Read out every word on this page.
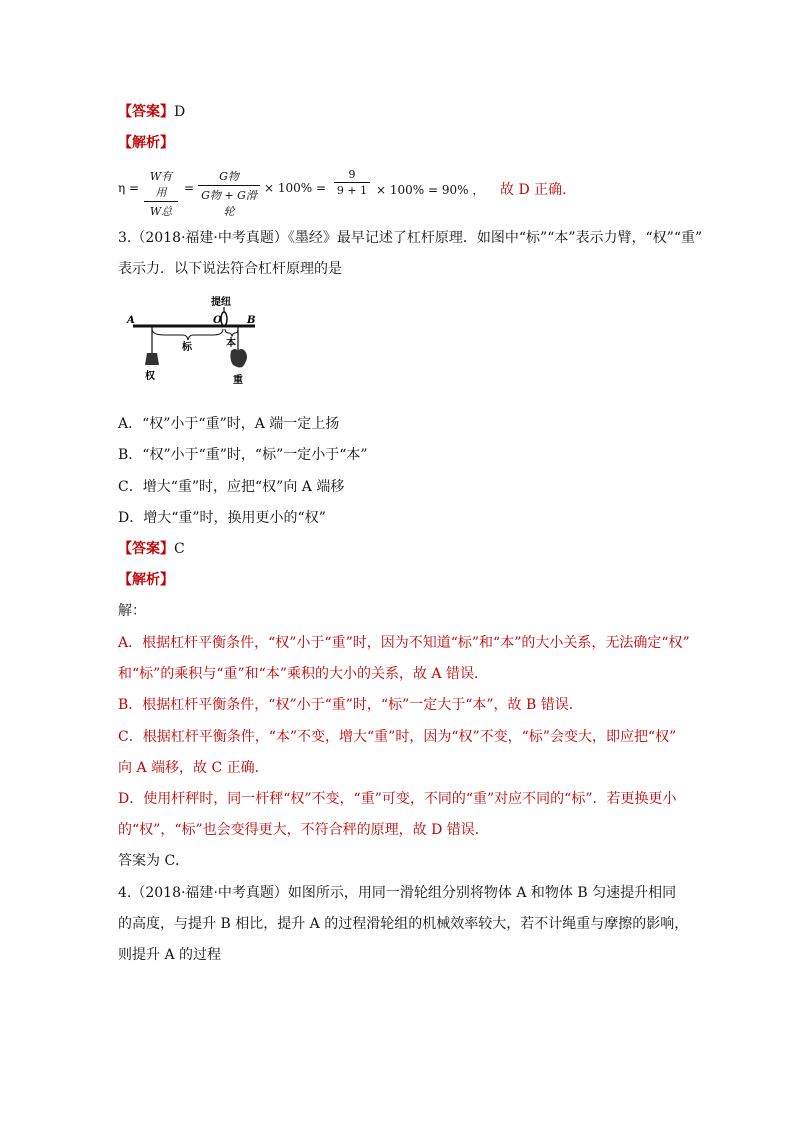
【答案】D
【解析】
η =
W有用
W总
=
G物
G物 + G滑轮
× 100% =
9
9 + 1 × 100% = 90% ， 故 D 正确.
3.（2018·福建·中考真题）《墨经》最早记述了杠杆原理．如图中“标”“本”表示力臂，“权”“重”
表示力．以下说法符合杠杆原理的是
提纽
A	O	B
标	本
权	重
A．“权”小于“重”时，A 端一定上扬
B．“权”小于“重”时，“标”一定小于“本”
C．增大“重”时，应把“权”向 A 端移
D．增大“重”时，换用更小的“权”
【答案】C
【解析】
解：
A．根据杠杆平衡条件，“权”小于“重”时，因为不知道“标”和“本”的大小关系，无法确定“权”
和“标”的乘积与“重”和“本”乘积的大小的关系，故 A 错误．
B．根据杠杆平衡条件，“权”小于“重”时，“标”一定大于“本”，故 B 错误．
C．根据杠杆平衡条件，“本”不变，增大“重”时，因为“权”不变，“标”会变大，即应把“权”
向 A 端移，故 C 正确．
D．使用杆秤时，同一杆秤“权”不变，“重”可变，不同的“重”对应不同的“标”．若更换更小
的“权”，“标”也会变得更大，不符合秤的原理，故 D 错误．
答案为 C．
4.（2018·福建·中考真题）如图所示，用同一滑轮组分别将物体 A 和物体 B 匀速提升相同
的高度，与提升 B 相比，提升 A 的过程滑轮组的机械效率较大，若不计绳重与摩擦的影响，
则提升 A 的过程
